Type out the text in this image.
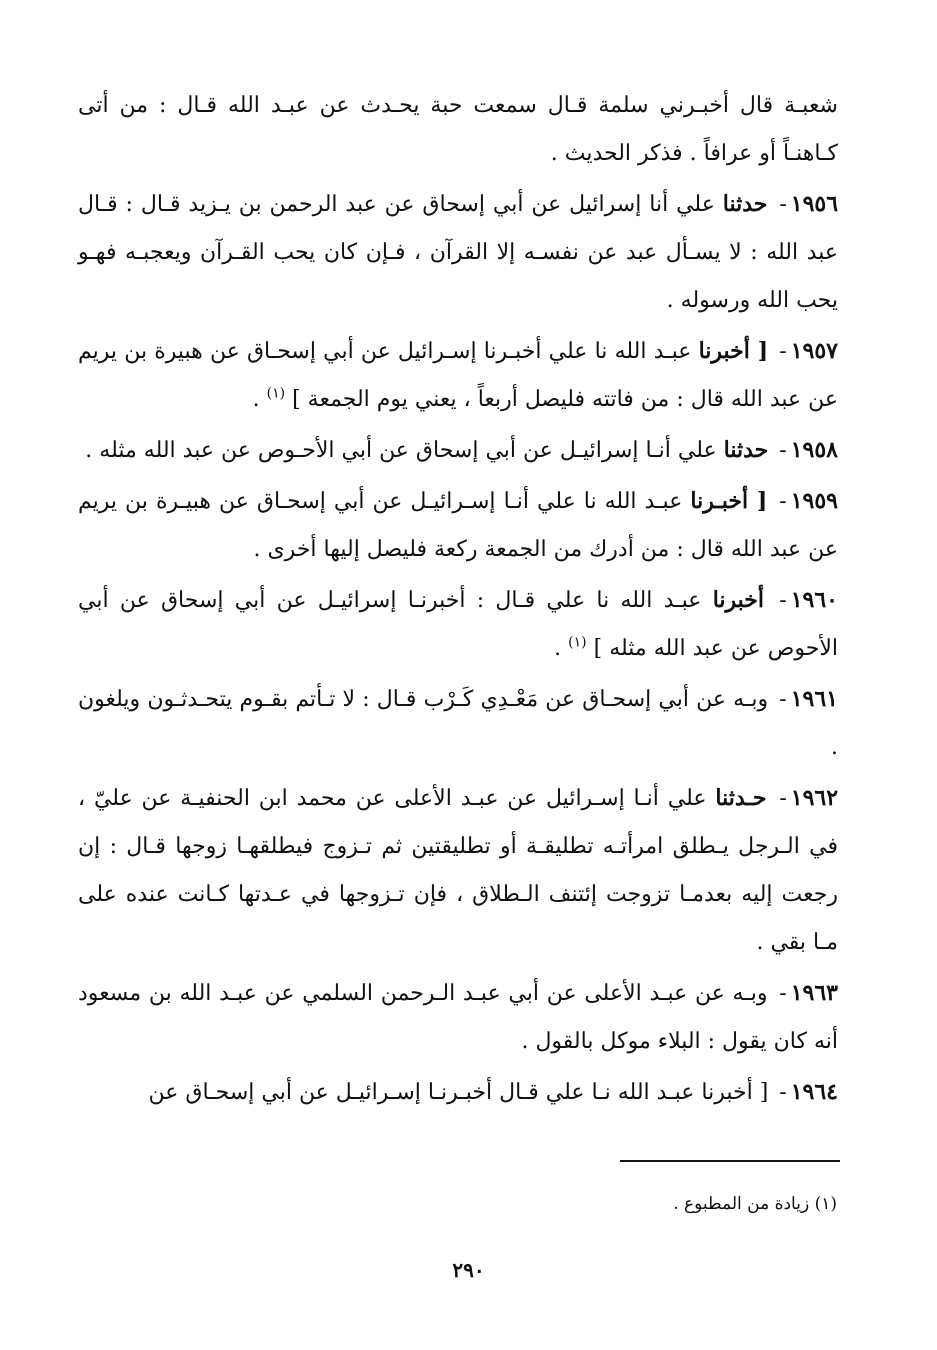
شعبـة قال أخبـرني سلمة قـال سمعت حبة يحـدث عن عبـد الله قـال : من أتى كـاهنـاً أو عرافاً . فذكر الحديث .

١٩٥٦- حدثنا علي أنا إسرائيل عن أبي إسحاق عن عبد الرحمن بن يـزيد قـال : قـال عبد الله : لا يسـأل عبد عن نفسـه إلا القرآن ، فـإن كان يحب القـرآن ويعجبـه فهـو يحب الله ورسوله .

١٩٥٧- [ أخبرنا عبـد الله نا علي أخبـرنا إسـرائيل عن أبي إسحـاق عن هبيرة بن يريم عن عبد الله قال : من فاتته فليصل أربعاً ، يعني يوم الجمعة ] $^{(١)}$ .

١٩٥٨- حدثنا علي أنـا إسرائيـل عن أبي إسحاق عن أبي الأحـوص عن عبد الله مثله .

١٩٥٩- [ أخبـرنا عبـد الله نا علي أنـا إسـرائيـل عن أبي إسحـاق عن هبيـرة بن يريم عن عبد الله قال : من أدرك من الجمعة ركعة فليصل إليها أخرى .

١٩٦٠- أخبرنا عبـد الله نا علي قـال : أخبرنـا إسرائيـل عن أبي إسحاق عن أبي الأحوص عن عبد الله مثله ] $^{(١)}$ .

١٩٦١- وبـه عن أبي إسحـاق عن مَعْـدِي كَـرْب قـال : لا تـأتم بقـوم يتحـدثـون ويلغون .

١٩٦٢- حـدثنا علي أنـا إسـرائيل عن عبـد الأعلى عن محمد ابن الحنفيـة عن عليّ ، في الـرجل يـطلق امرأتـه تطليقـة أو تطليقتين ثم تـزوج فيطلقهـا زوجها قـال : إن رجعت إليه بعدمـا تزوجت إئتنف الـطلاق ، فإن تـزوجها في عـدتها كـانت عنده على مـا بقي .

١٩٦٣- وبـه عن عبـد الأعلى عن أبي عبـد الـرحمن السلمي عن عبـد الله بن مسعود أنه كان يقول : البلاء موكل بالقول .

١٩٦٤- [ أخبرنا عبـد الله نـا علي قـال أخبـرنـا إسـرائيـل عن أبي إسحـاق عن

(١) زيادة من المطبوع .
٢٩٠
